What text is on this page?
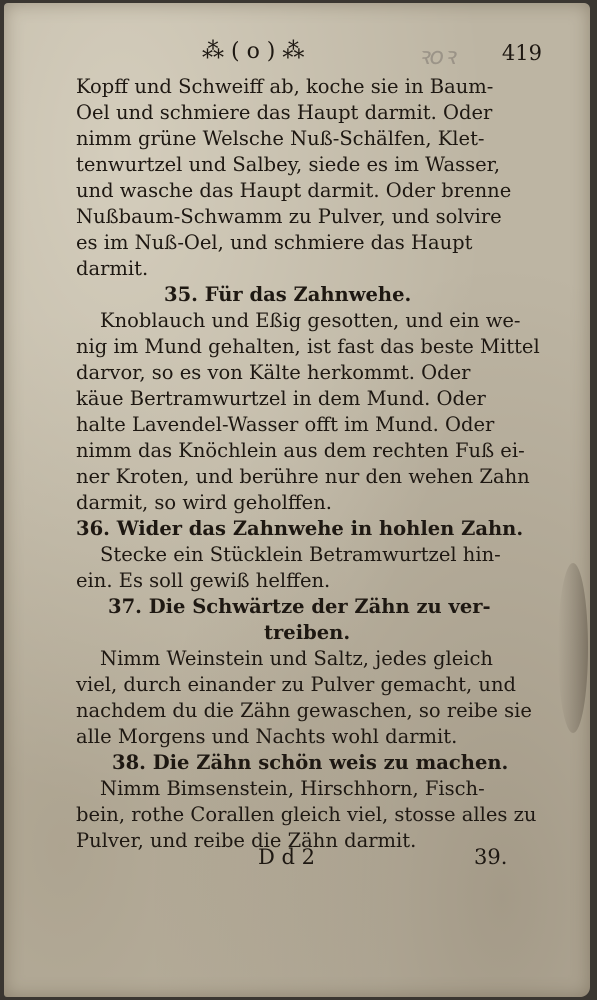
⁂ ( o ) ⁂	ꝛoꝛ 419
Kopff und Schweiff ab, koche sie in Baum-
Oel und schmiere das Haupt darmit. Oder
nimm grüne Welsche Nuß-Schälfen, Klet-
tenwurtzel und Salbey, siede es im Wasser,
und wasche das Haupt darmit. Oder brenne
Nußbaum-Schwamm zu Pulver, und solvire
es im Nuß-Oel, und schmiere das Haupt
darmit.
35. Für das Zahnwehe.
Knoblauch und Eßig gesotten, und ein we-
nig im Mund gehalten, ist fast das beste Mittel
darvor, so es von Kälte herkommt. Oder
käue Bertramwurtzel in dem Mund. Oder
halte Lavendel-Wasser offt im Mund. Oder
nimm das Knöchlein aus dem rechten Fuß ei-
ner Kroten, und berühre nur den wehen Zahn
darmit, so wird geholffen.
36. Wider das Zahnwehe in hohlen Zahn.
Stecke ein Stücklein Betramwurtzel hin-
ein. Es soll gewiß helffen.
37. Die Schwärtze der Zähn zu ver-
treiben.
Nimm Weinstein und Saltz, jedes gleich
viel, durch einander zu Pulver gemacht, und
nachdem du die Zähn gewaschen, so reibe sie
alle Morgens und Nachts wohl darmit.
38. Die Zähn schön weis zu machen.
Nimm Bimsenstein, Hirschhorn, Fisch-
bein, rothe Corallen gleich viel, stosse alles zu
Pulver, und reibe die Zähn darmit.
D d 2	39.
